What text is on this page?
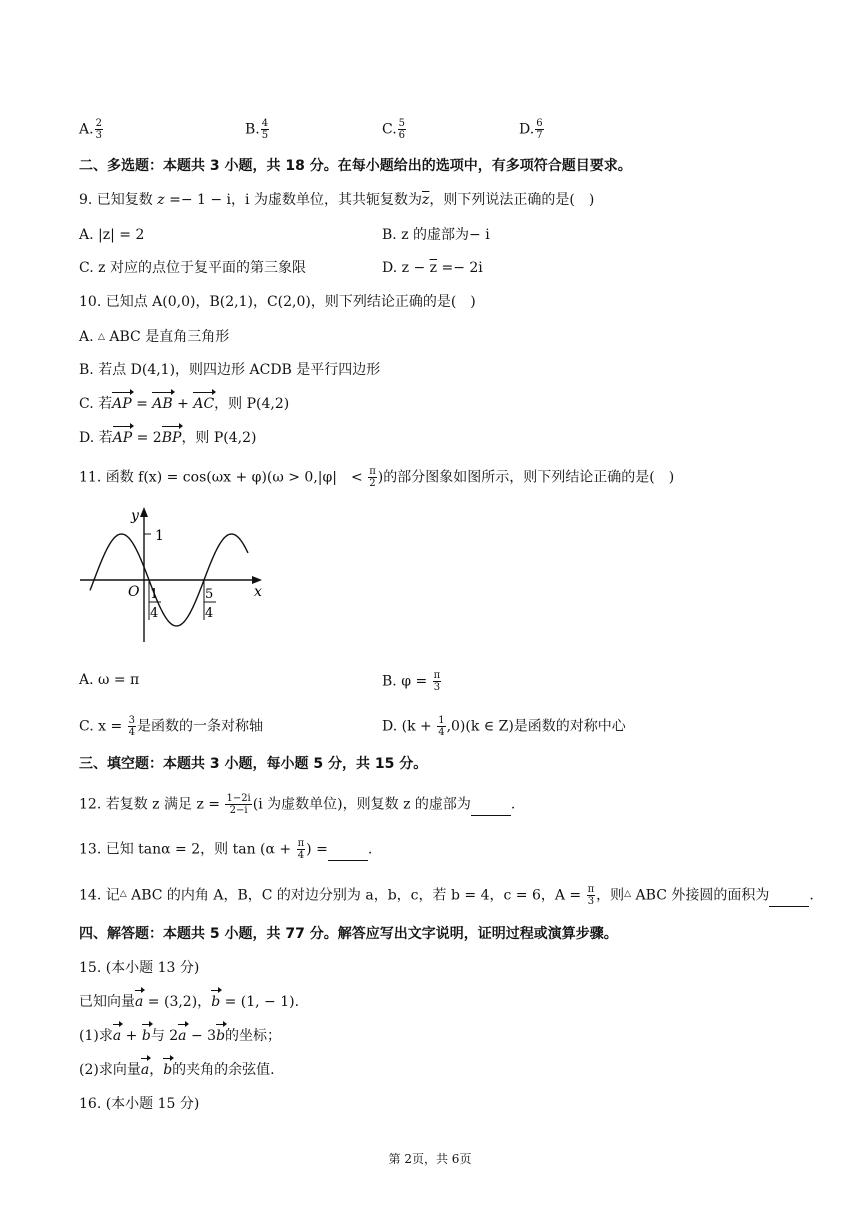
A. $\frac{2}{3}$	B. $\frac{4}{5}$	C. $\frac{5}{6}$	D. $\frac{6}{7}$
二、多选题：本题共 3 小题，共 18 分。在每小题给出的选项中，有多项符合题目要求。
9. 已知复数 z =− 1 − i，i 为虚数单位，其共轭复数为$\overline{z}$，则下列说法正确的是(　)
A. |z| = 2	B. z 的虚部为− i
C. z 对应的点位于复平面的第三象限	D. $z - \overline{z} =- 2i$
10. 已知点 A(0,0)，B(2,1)，C(2,0)，则下列结论正确的是(　)
A. △ ABC 是直角三角形
B. 若点 D(4,1)，则四边形 ACDB 是平行四边形
C. 若AP = AB + AC，则 P(4,2)
D. 若AP = 2BP，则 P(4,2)
11. 函数 f(x) = cos(ωx + φ)(ω > 0,|φ|　< $\frac{\pi}{2}$ )的部分图象如图所示，则下列结论正确的是(　)
y
x
O
1
1
4
5
4
A. ω = π	B. $\varphi = \frac{\pi}{3}$
C. $x = \frac{3}{4}$ 是函数的一条对称轴	D. $(k + \frac{1}{4} ,0)(k$ ∈ Z)是函数的对称中心
三、填空题：本题共 3 小题，每小题 5 分，共 15 分。
12. 若复数 z 满足 $z = \frac{1-2i}{2-i} (i$ 为虚数单位)，则复数 z 的虚部为	.
13. 已知 tanα = 2，则 $\tan (\alpha + \frac{\pi}{4}$ ) =	.
14. 记△ ABC 的内角 A，B，C 的对边分别为 a，b，c，若 b = 4，c = 6，$A = \frac{\pi}{3}$ ，则△ ABC 外接圆的面积为	.
四、解答题：本题共 5 小题，共 77 分。解答应写出文字说明，证明过程或演算步骤。
15. (本小题 13 分)
已知向量a = (3,2)，b = (1, − 1).
(1)求a + b与 2a − 3b的坐标；
(2)求向量a，b的夹角的余弦值.
16. (本小题 15 分)
第 2页，共 6页
